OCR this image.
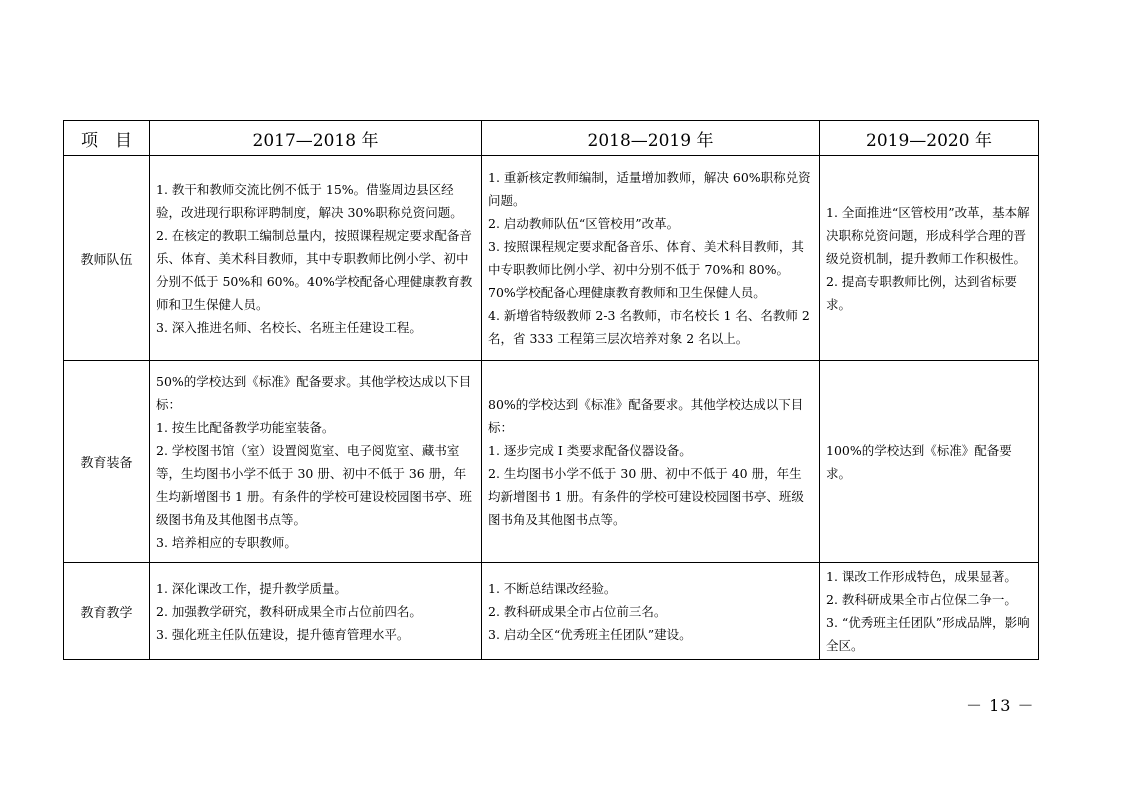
项　目	2017—2018 年	2018—2019 年	2019—2020 年
教师队伍	1. 教干和教师交流比例不低于 15%。借鉴周边县区经验，改进现行职称评聘制度，解决 30%职称兑资问题。
2. 在核定的教职工编制总量内，按照课程规定要求配备音乐、体育、美术科目教师，其中专职教师比例小学、初中分别不低于 50%和 60%。40%学校配备心理健康教育教师和卫生保健人员。
3. 深入推进名师、名校长、名班主任建设工程。	1. 重新核定教师编制，适量增加教师，解决 60%职称兑资问题。
2. 启动教师队伍“区管校用”改革。
3. 按照课程规定要求配备音乐、体育、美术科目教师，其中专职教师比例小学、初中分别不低于 70%和 80%。70%学校配备心理健康教育教师和卫生保健人员。
4. 新增省特级教师 2-3 名教师，市名校长 1 名、名教师 2 名，省 333 工程第三层次培养对象 2 名以上。	1. 全面推进“区管校用”改革，基本解决职称兑资问题，形成科学合理的晋级兑资机制，提升教师工作积极性。
2. 提高专职教师比例，达到省标要求。

教育装备	50%的学校达到《标准》配备要求。其他学校达成以下目标：
1. 按生比配备教学功能室装备。
2. 学校图书馆（室）设置阅览室、电子阅览室、藏书室等，生均图书小学不低于 30 册、初中不低于 36 册，年生均新增图书 1 册。有条件的学校可建设校园图书亭、班级图书角及其他图书点等。
3. 培养相应的专职教师。	80%的学校达到《标准》配备要求。其他学校达成以下目标：
1. 逐步完成 I 类要求配备仪器设备。
2. 生均图书小学不低于 30 册、初中不低于 40 册，年生均新增图书 1 册。有条件的学校可建设校园图书亭、班级图书角及其他图书点等。	100%的学校达到《标准》配备要求。

教育教学	1. 深化课改工作，提升教学质量。
2. 加强教学研究，教科研成果全市占位前四名。
3. 强化班主任队伍建设，提升德育管理水平。	1. 不断总结课改经验。
2. 教科研成果全市占位前三名。
3. 启动全区“优秀班主任团队”建设。	1. 课改工作形成特色，成果显著。
2. 教科研成果全市占位保二争一。
3. “优秀班主任团队”形成品牌，影响全区。
－ 13 －
